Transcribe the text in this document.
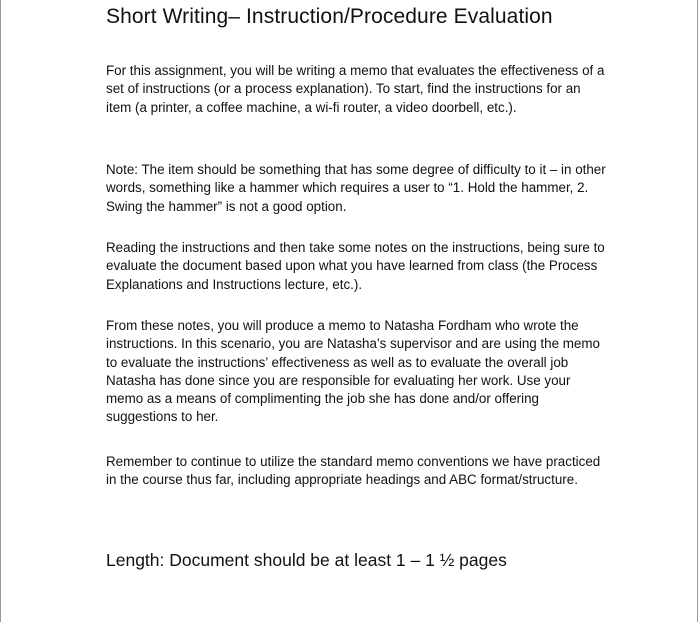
Short Writing– Instruction/Procedure Evaluation

For this assignment, you will be writing a memo that evaluates the effectiveness of a set of instructions (or a process explanation). To start, find the instructions for an item (a printer, a coffee machine, a wi-fi router, a video doorbell, etc.).

Note: The item should be something that has some degree of difficulty to it – in other words, something like a hammer which requires a user to “1. Hold the hammer, 2. Swing the hammer” is not a good option.

Reading the instructions and then take some notes on the instructions, being sure to evaluate the document based upon what you have learned from class (the Process Explanations and Instructions lecture, etc.).

From these notes, you will produce a memo to Natasha Fordham who wrote the instructions. In this scenario, you are Natasha’s supervisor and are using the memo to evaluate the instructions’ effectiveness as well as to evaluate the overall job Natasha has done since you are responsible for evaluating her work. Use your memo as a means of complimenting the job she has done and/or offering suggestions to her.

Remember to continue to utilize the standard memo conventions we have practiced in the course thus far, including appropriate headings and ABC format/structure.

Length: Document should be at least 1 – 1 ½ pages
